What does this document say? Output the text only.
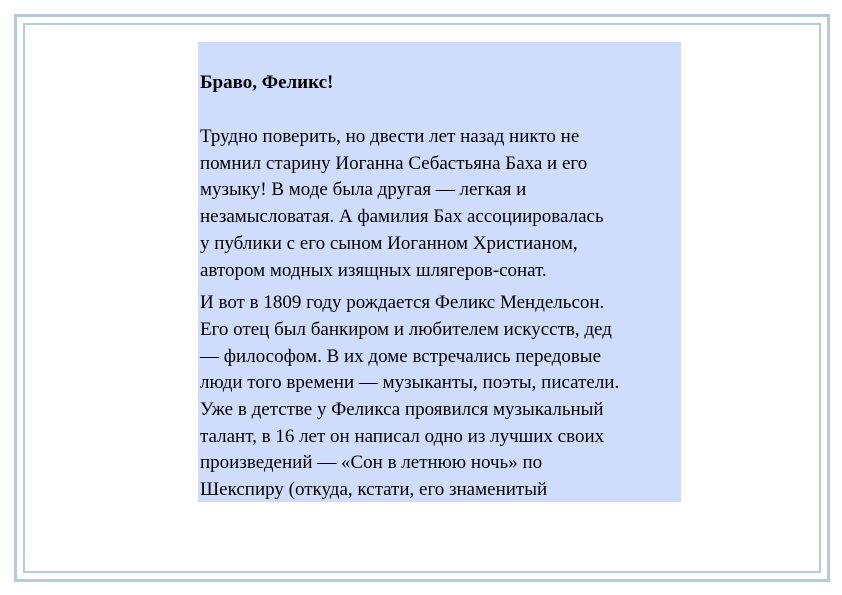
Браво, Феликс!

Трудно поверить, но двести лет назад никто не
помнил старину Иоганна Себастьяна Баха и его
музыку! В моде была другая — легкая и
незамысловатая. А фамилия Бах ассоциировалась
у публики с его сыном Иоганном Христианом,
автором модных изящных шлягеров-сонат.

И вот в 1809 году рождается Феликс Мендельсон.
Его отец был банкиром и любителем искусств, дед
— философом. В их доме встречались передовые
люди того времени — музыканты, поэты, писатели.
Уже в детстве у Феликса проявился музыкальный
талант, в 16 лет он написал одно из лучших своих
произведений — «Сон в летнюю ночь» по
Шекспиру (откуда, кстати, его знаменитый
